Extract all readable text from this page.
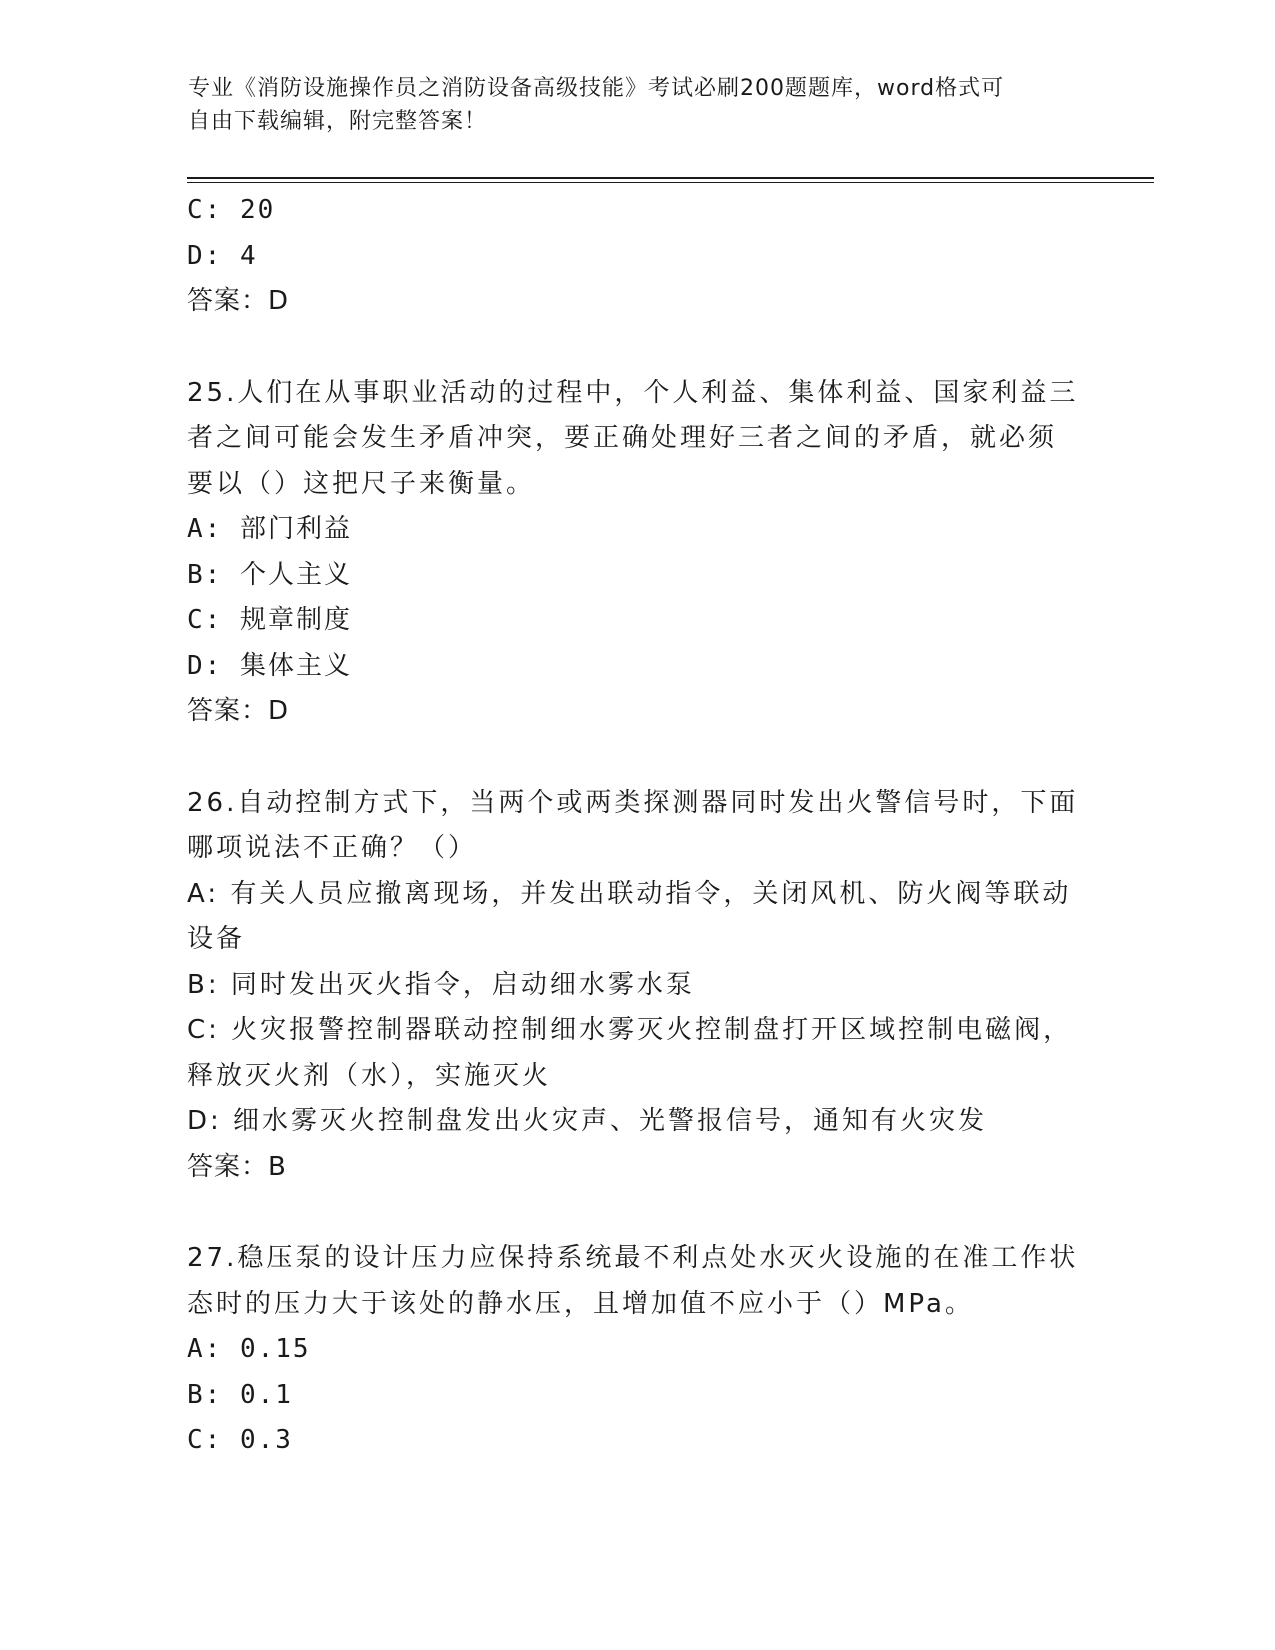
专业《消防设施操作员之消防设备高级技能》考试必刷200题题库，word格式可
自由下载编辑，附完整答案！
C: 20
D: 4
答案：D
25.人们在从事职业活动的过程中，个人利益、集体利益、国家利益三
者之间可能会发生矛盾冲突，要正确处理好三者之间的矛盾，就必须
要以（）这把尺子来衡量。
A: 部门利益
B: 个人主义
C: 规章制度
D: 集体主义
答案：D
26.自动控制方式下，当两个或两类探测器同时发出火警信号时，下面
哪项说法不正确？（）
A: 有关人员应撤离现场，并发出联动指令，关闭风机、防火阀等联动
设备
B: 同时发出灭火指令，启动细水雾水泵
C: 火灾报警控制器联动控制细水雾灭火控制盘打开区域控制电磁阀，
释放灭火剂（水），实施灭火
D: 细水雾灭火控制盘发出火灾声、光警报信号，通知有火灾发
答案：B
27.稳压泵的设计压力应保持系统最不利点处水灭火设施的在准工作状
态时的压力大于该处的静水压，且增加值不应小于（）MPa。
A: 0.15
B: 0.1
C: 0.3
